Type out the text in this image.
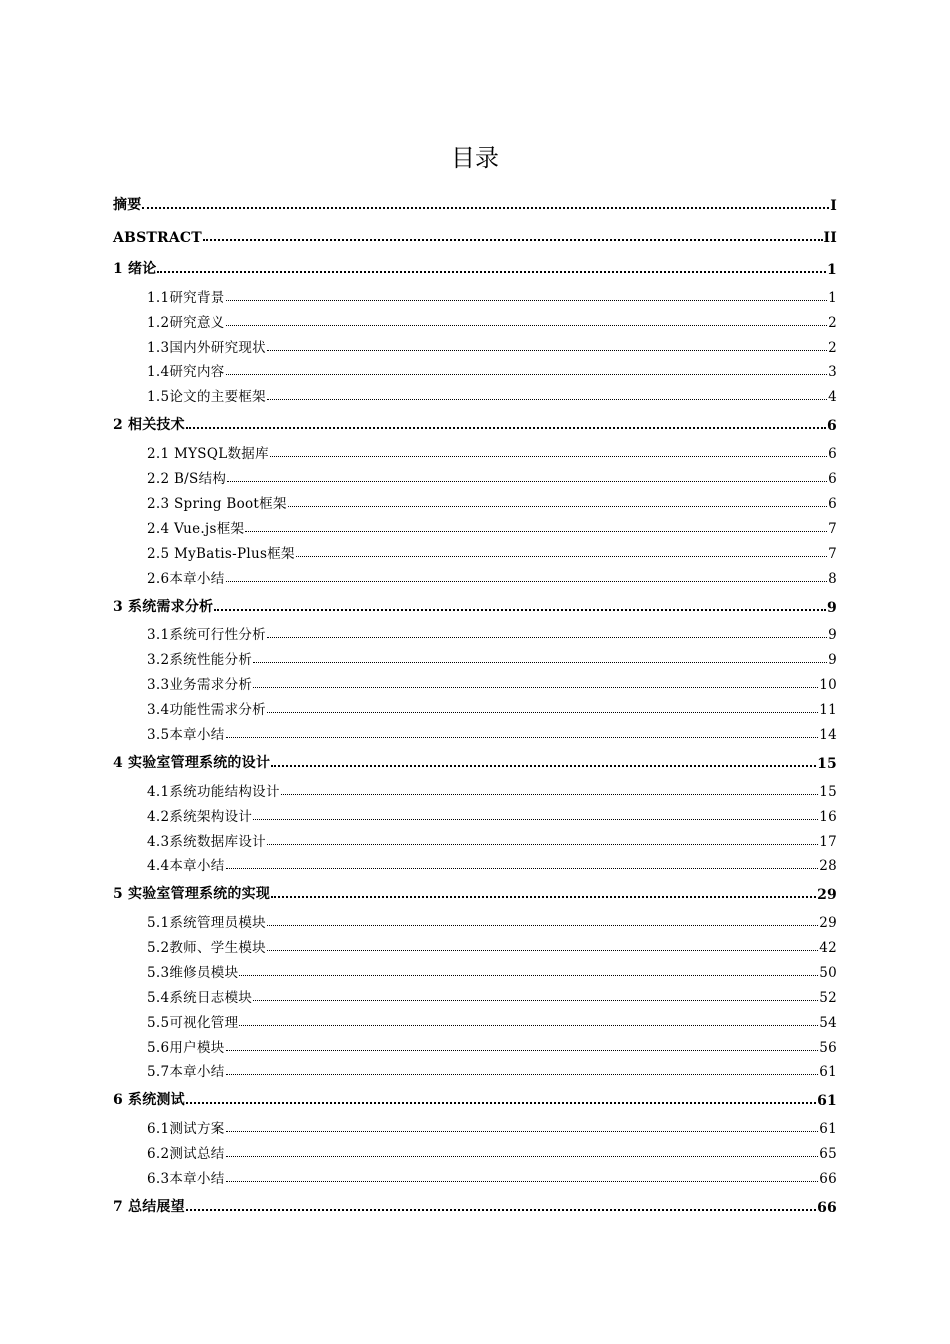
目录
摘要	I
ABSTRACT	II
1 绪论	1
1.1研究背景	1
1.2研究意义	2
1.3国内外研究现状	2
1.4研究内容	3
1.5论文的主要框架	4
2 相关技术	6
2.1 MYSQL数据库	6
2.2 B/S结构	6
2.3 Spring Boot框架	6
2.4 Vue.js框架	7
2.5 MyBatis-Plus框架	7
2.6本章小结	8
3 系统需求分析	9
3.1系统可行性分析	9
3.2系统性能分析	9
3.3业务需求分析	10
3.4功能性需求分析	11
3.5本章小结	14
4 实验室管理系统的设计	15
4.1系统功能结构设计	15
4.2系统架构设计	16
4.3系统数据库设计	17
4.4本章小结	28
5 实验室管理系统的实现	29
5.1系统管理员模块	29
5.2教师、学生模块	42
5.3维修员模块	50
5.4系统日志模块	52
5.5可视化管理	54
5.6用户模块	56
5.7本章小结	61
6 系统测试	61
6.1测试方案	61
6.2测试总结	65
6.3本章小结	66
7 总结展望	66
